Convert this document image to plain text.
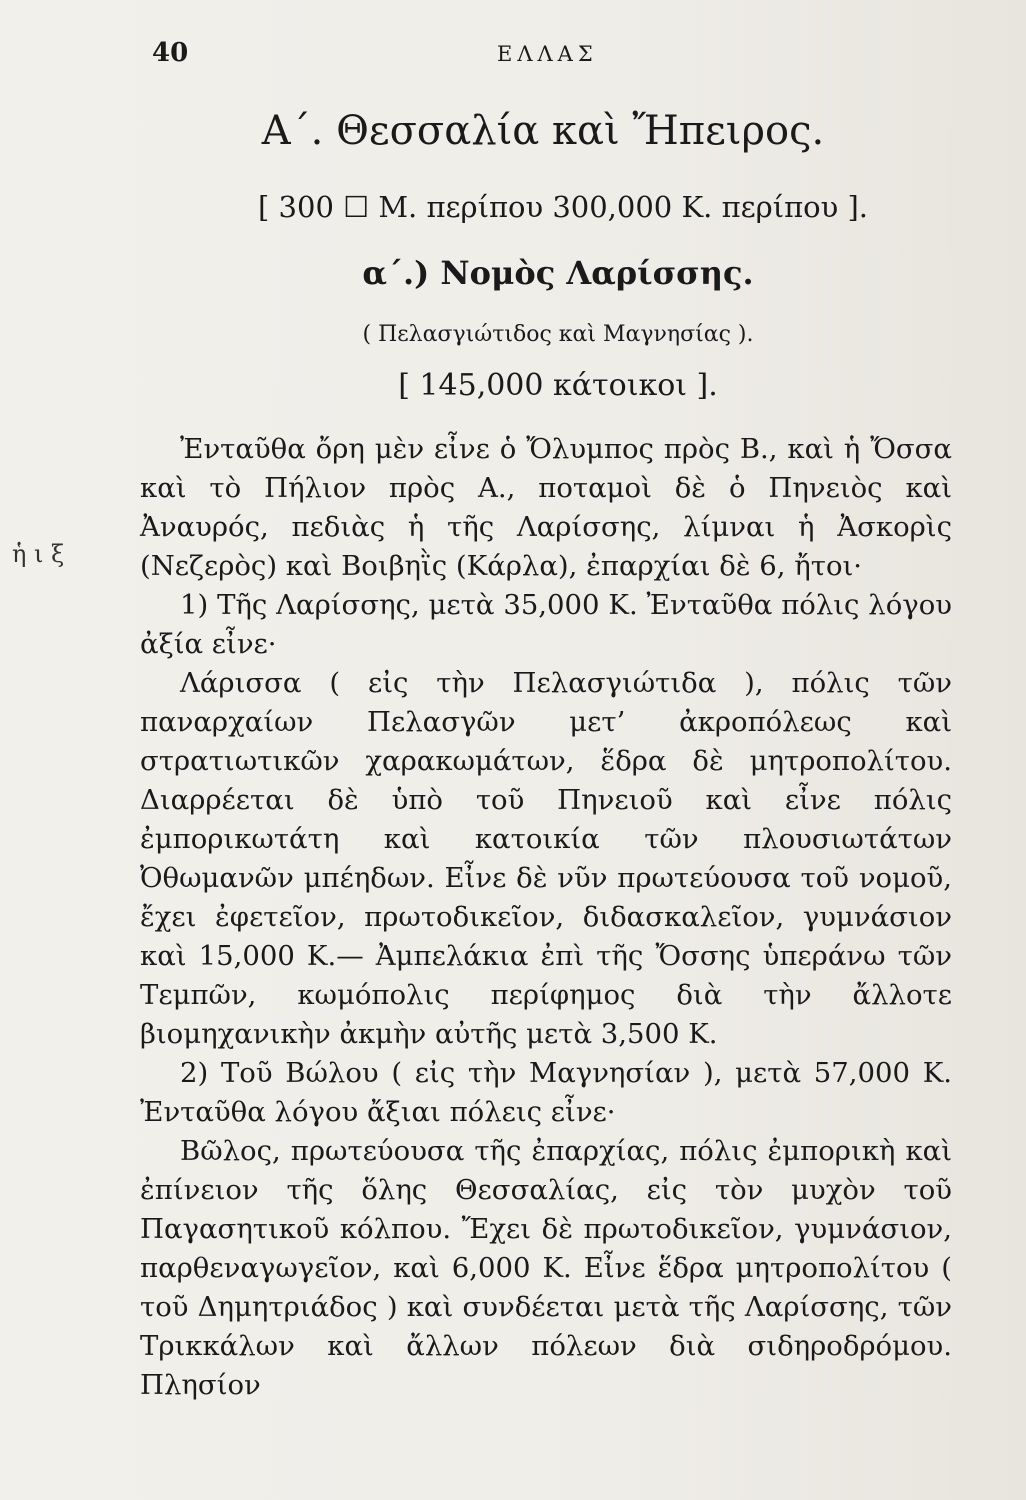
40	ΕΛΛΑΣ
ἡ ι ξ
Α΄. Θεσσαλία καὶ Ἤπειρος.
[ 300 ☐ Μ. περίπου 300,000 Κ. περίπου ].
α΄.) Νομὸς Λαρίσσης.
( Πελασγιώτιδος καὶ Μαγνησίας ).
[ 145,000 κάτοικοι ].

Ἐνταῦθα ὄρη μὲν εἶνε ὁ Ὄλυμπος πρὸς Β., καὶ ἡ Ὄσσα καὶ τὸ Πήλιον πρὸς Α., ποταμοὶ δὲ ὁ Πηνειὸς καὶ Ἀναυρός, πεδιὰς ἡ τῆς Λαρίσσης, λίμναι ἡ Ἀσκορὶς (Νεζερὸς) καὶ Βοιβηῒς (Κάρλα), ἐπαρχίαι δὲ 6, ἤτοι·

1) Τῆς Λαρίσσης, μετὰ 35,000 Κ. Ἐνταῦθα πόλις λόγου ἀξία εἶνε·

Λάρισσα ( εἰς τὴν Πελασγιώτιδα ), πόλις τῶν παναρχαίων Πελασγῶν μετ’ ἀκροπόλεως καὶ στρατιωτικῶν χαρακωμάτων, ἕδρα δὲ μητροπολίτου. Διαρρέεται δὲ ὑπὸ τοῦ Πηνειοῦ καὶ εἶνε πόλις ἐμπορικωτάτη καὶ κατοικία τῶν πλουσιωτάτων Ὀθωμανῶν μπέηδων. Εἶνε δὲ νῦν πρωτεύουσα τοῦ νομοῦ, ἔχει ἐφετεῖον, πρωτοδικεῖον, διδασκαλεῖον, γυμνάσιον καὶ 15,000 Κ.— Ἀμπελάκια ἐπὶ τῆς Ὄσσης ὑπεράνω τῶν Τεμπῶν, κωμόπολις περίφημος διὰ τὴν ἄλλοτε βιομηχανικὴν ἀκμὴν αὐτῆς μετὰ 3,500 Κ.

2) Τοῦ Βώλου ( εἰς τὴν Μαγνησίαν ), μετὰ 57,000 Κ. Ἐνταῦθα λόγου ἄξιαι πόλεις εἶνε·

Βῶλος, πρωτεύουσα τῆς ἐπαρχίας, πόλις ἐμπορικὴ καὶ ἐπίνειον τῆς ὅλης Θεσσαλίας, εἰς τὸν μυχὸν τοῦ Παγασητικοῦ κόλπου. Ἔχει δὲ πρωτοδικεῖον, γυμνάσιον, παρθεναγωγεῖον, καὶ 6,000 Κ. Εἶνε ἕδρα μητροπολίτου ( τοῦ Δημητριάδος ) καὶ συνδέεται μετὰ τῆς Λαρίσσης, τῶν Τρικκάλων καὶ ἄλλων πόλεων διὰ σιδηροδρόμου. Πλησίον
